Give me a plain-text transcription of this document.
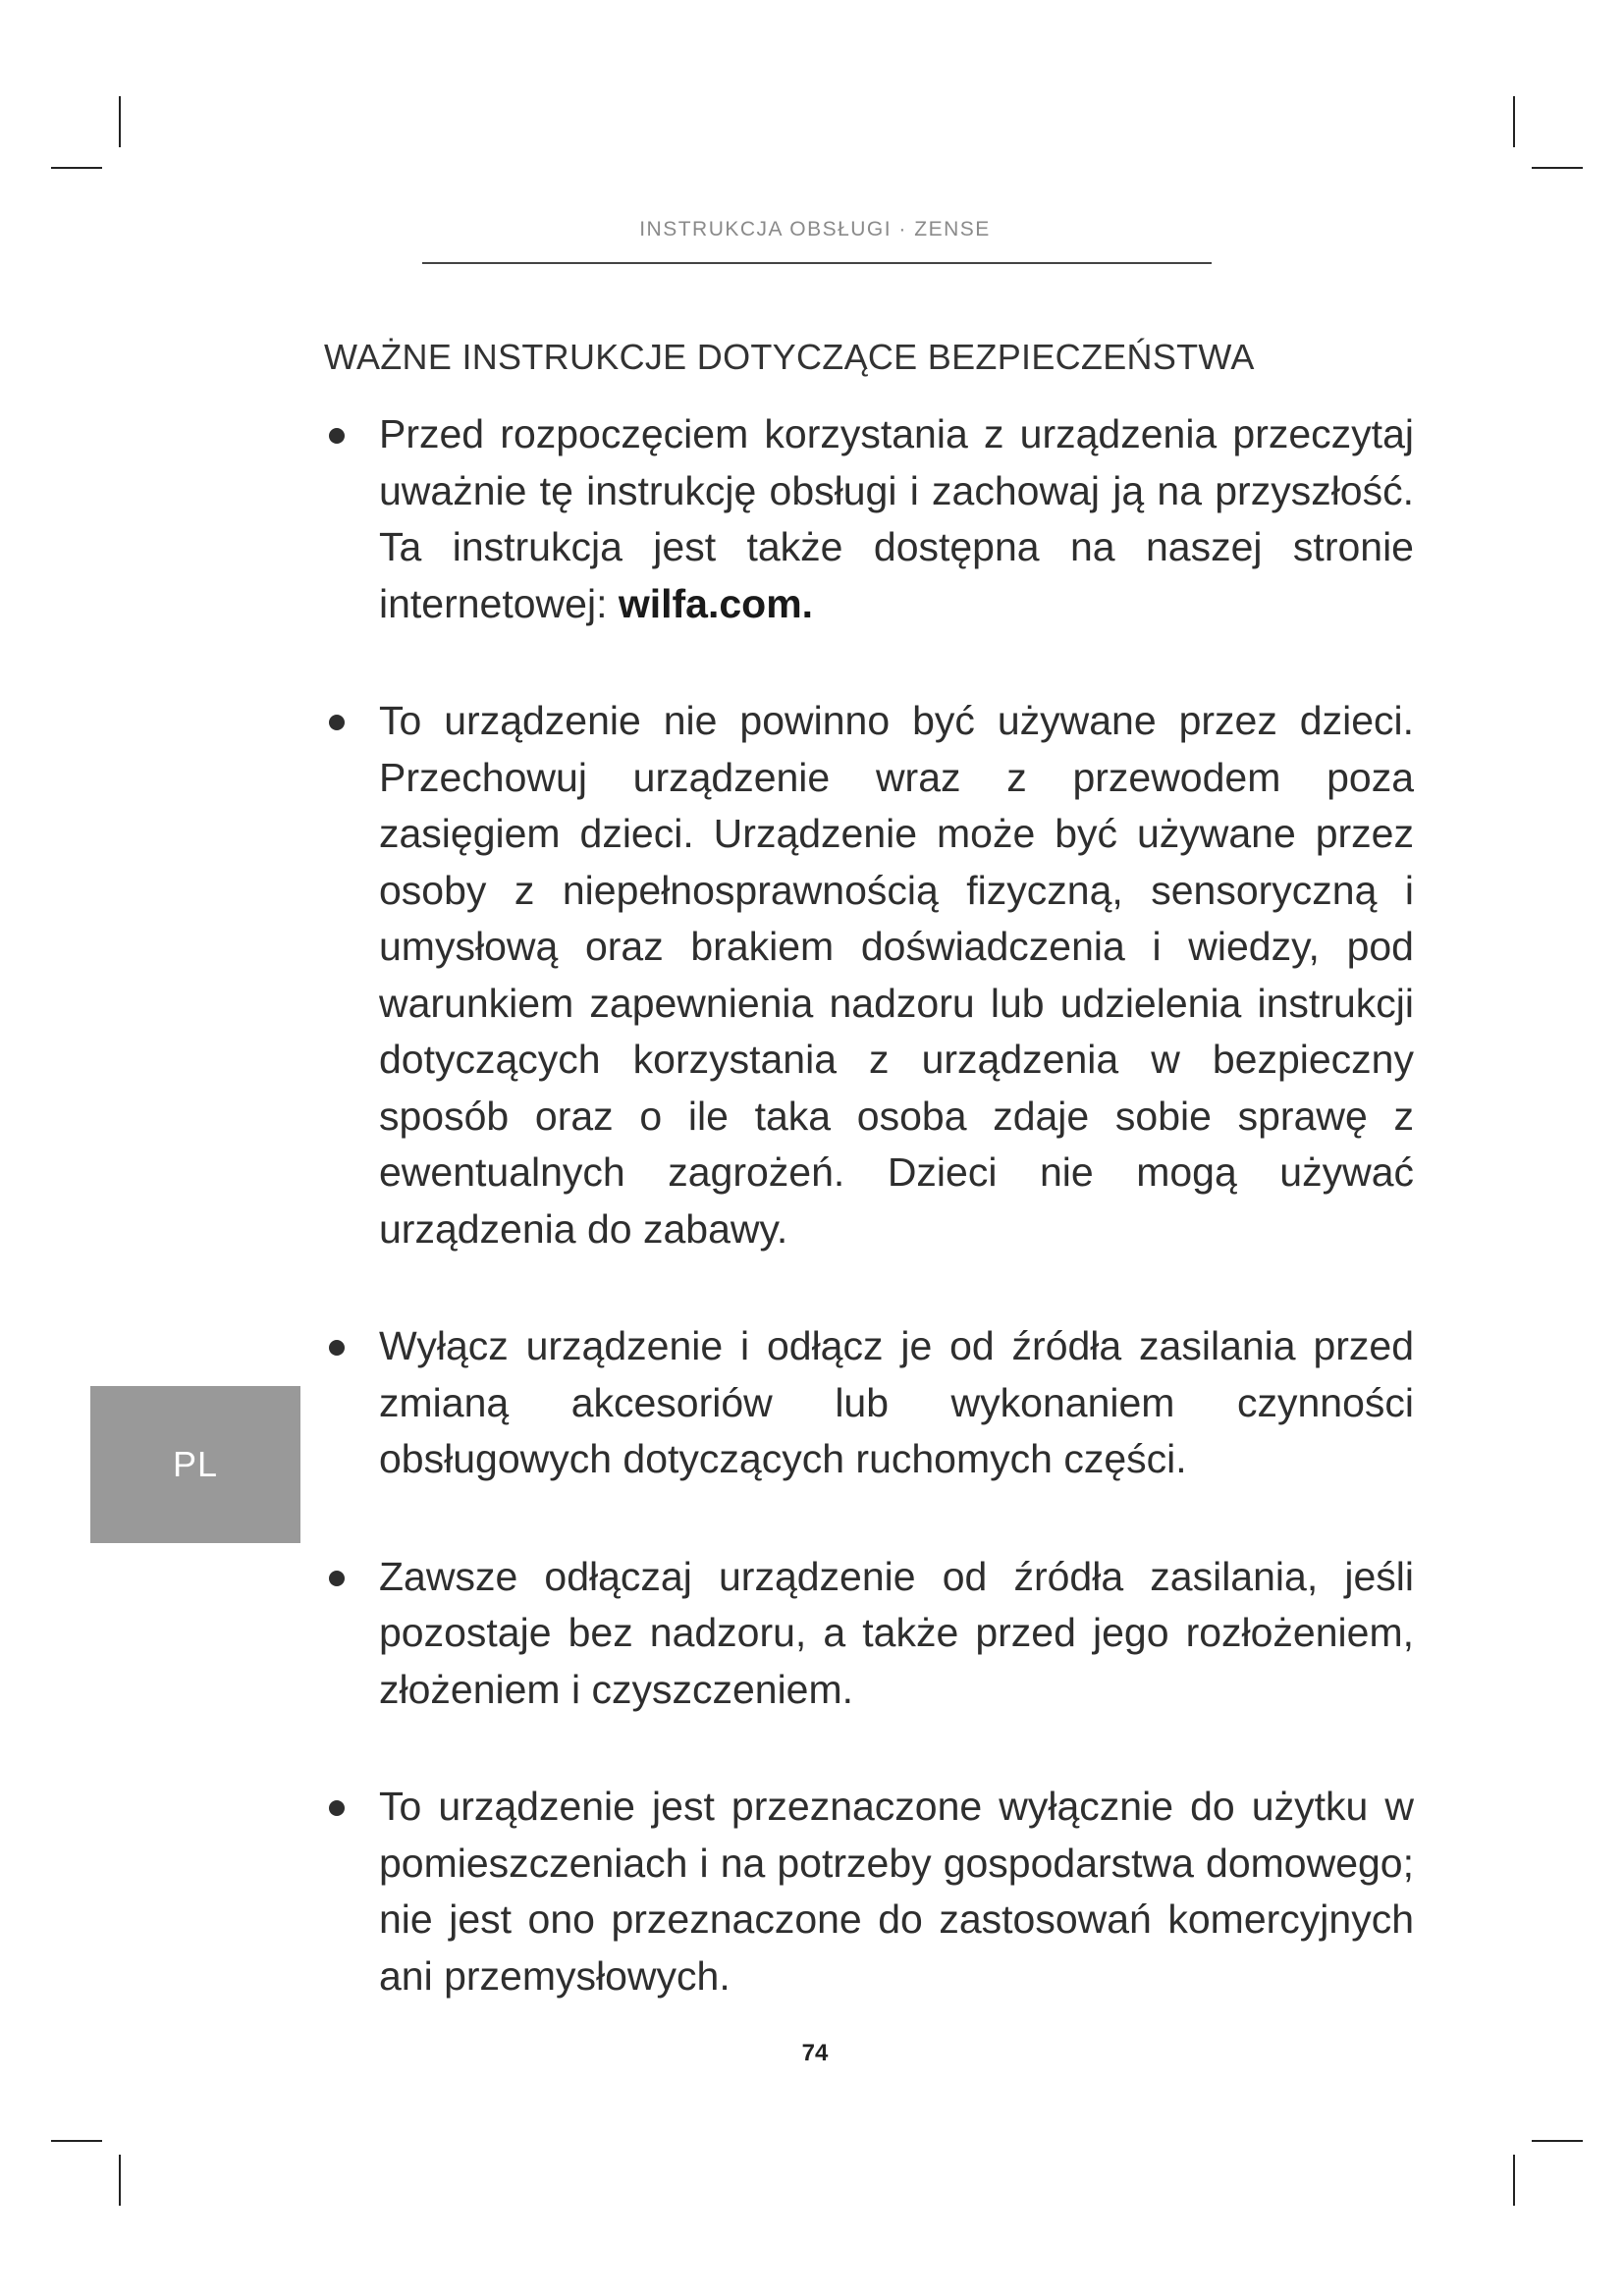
INSTRUKCJA OBSŁUGI · ZENSE
WAŻNE INSTRUKCJE DOTYCZĄCE BEZPIECZEŃSTWA
Przed rozpoczęciem korzystania z urządzenia przeczytaj uważnie tę instrukcję obsługi i zachowaj ją na przyszłość. Ta instrukcja jest także dostępna na naszej stronie internetowej: wilfa.com.
To urządzenie nie powinno być używane przez dzieci. Przechowuj urządzenie wraz z przewodem poza zasięgiem dzieci. Urządzenie może być używane przez osoby z niepełnosprawnością fizyczną, sensoryczną i umysłową oraz brakiem doświadczenia i wiedzy, pod warunkiem zapewnienia nadzoru lub udzielenia instrukcji dotyczących korzystania z urządzenia w bezpieczny sposób oraz o ile taka osoba zdaje sobie sprawę z ewentualnych zagrożeń. Dzieci nie mogą używać urządzenia do zabawy.
Wyłącz urządzenie i odłącz je od źródła zasilania przed zmianą akcesoriów lub wykonaniem czynności obsługowych dotyczących ruchomych części.
Zawsze odłączaj urządzenie od źródła zasilania, jeśli pozostaje bez nadzoru, a także przed jego rozłożeniem, złożeniem i czyszczeniem.
To urządzenie jest przeznaczone wyłącznie do użytku w pomieszczeniach i na potrzeby gospodarstwa domowego; nie jest ono przeznaczone do zastosowań komercyjnych ani przemysłowych.
PL
74
